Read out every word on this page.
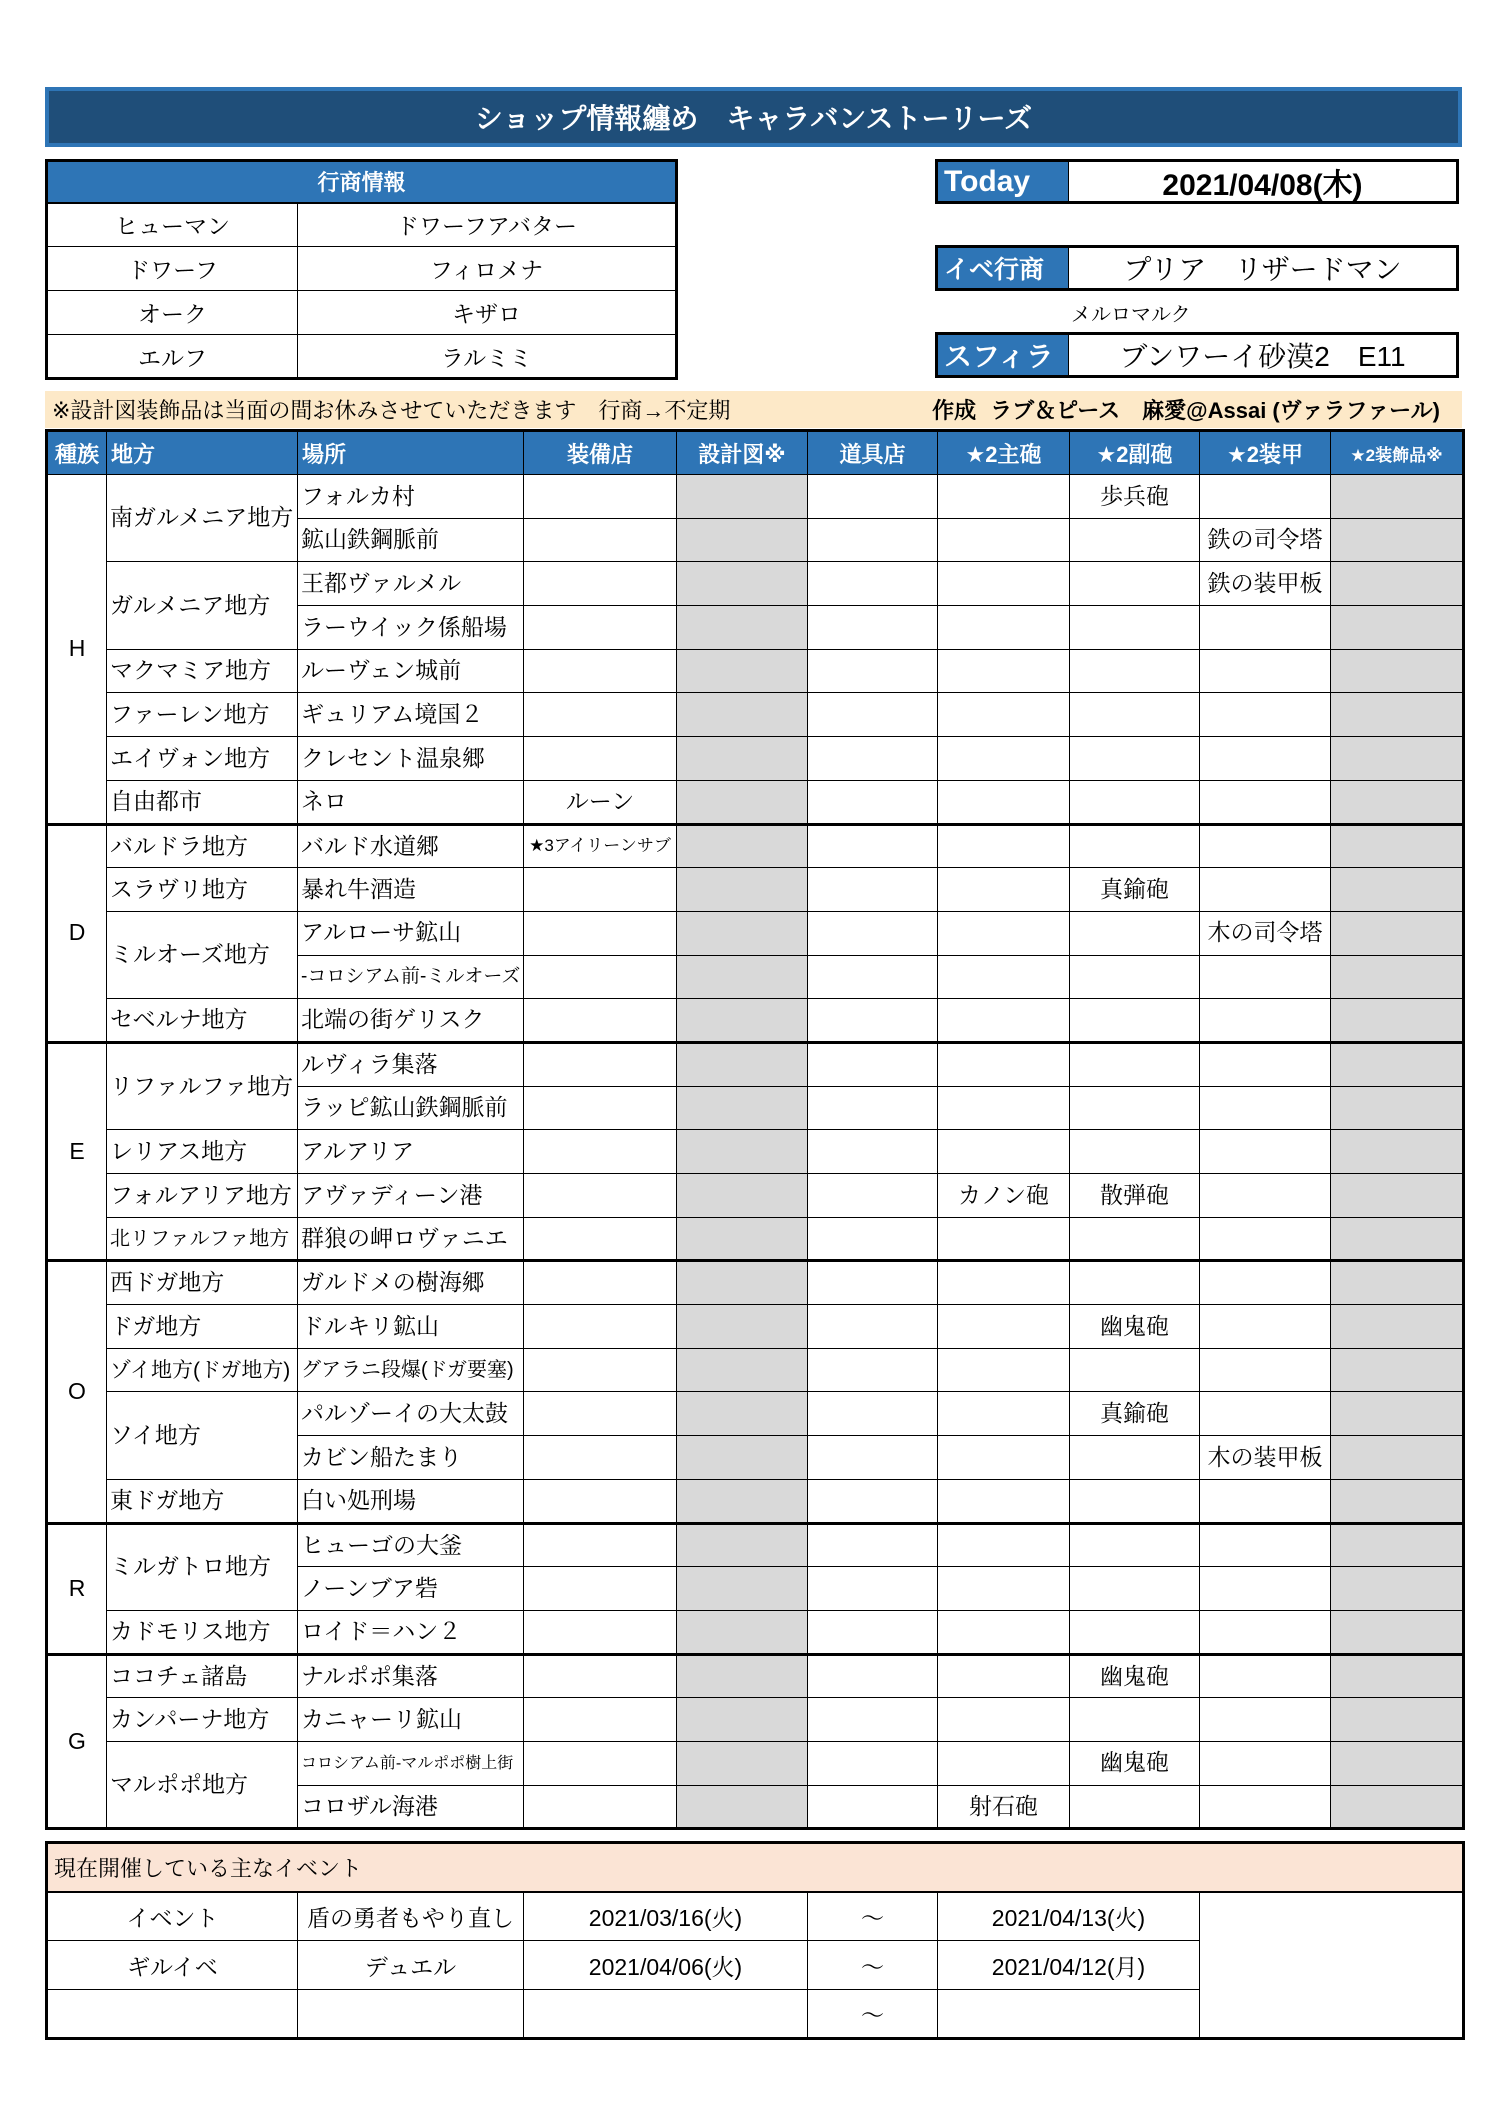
ショップ情報纏め　キャラバンストーリーズ
行商情報	
ヒューマン	ドワーフアバター
ドワーフ	フィロメナ
オーク	キザロ
エルフ	ラルミミ
Today	2021/04/08(木)
イベ行商	プリア　リザードマン
メルロマルク
スフィラ	ブンワーイ砂漠2　E11
※設計図装飾品は当面の間お休みさせていただきます　行商→不定期	作成 ラブ＆ピース　麻愛@Assai (ヴァラファール)
種族	地方	場所	装備店	設計図※	道具店	★2主砲	★2副砲	★2装甲	★2装飾品※

H	南ガルメニア地方	フォルカ村					歩兵砲		

		鉱山鉄鋼脈前						鉄の司令塔	

	ガルメニア地方	王都ヴァルメル						鉄の装甲板	

		ラーウイック係船場							

	マクマミア地方	ルーヴェン城前							

	ファーレン地方	ギュリアム境国２							

	エイヴォン地方	クレセント温泉郷							

	自由都市	ネロ	ルーン						

D	バルドラ地方	バルド水道郷	★3アイリーンサブ						

	スラヴリ地方	暴れ牛酒造					真鍮砲		

	ミルオーズ地方	アルローサ鉱山						木の司令塔	

		-コロシアム前-ミルオーズ							

	セベルナ地方	北端の街ゲリスク							

E	リファルファ地方	ルヴィラ集落							

		ラッピ鉱山鉄鋼脈前							

	レリアス地方	アルアリア							

	フォルアリア地方	アヴァディーン港				カノン砲	散弾砲		

	北リファルファ地方	群狼の岬ロヴァニエ							

O	西ドガ地方	ガルドメの樹海郷							

	ドガ地方	ドルキリ鉱山					幽鬼砲		

	ゾイ地方(ドガ地方)	グアラニ段爆(ドガ要塞)							

	ソイ地方	パルゾーイの大太鼓					真鍮砲		

		カビン船たまり						木の装甲板	

	東ドガ地方	白い処刑場							

R	ミルガトロ地方	ヒューゴの大釜							

		ノーンブア砦							

	カドモリス地方	ロイド＝ハン２							

G	ココチェ諸島	ナルポポ集落					幽鬼砲		

	カンパーナ地方	カニャーリ鉱山							

	マルポポ地方	コロシアム前-マルポポ樹上街					幽鬼砲		

		コロザル海港				射石砲			

現在開催している主なイベント					
イベント	盾の勇者もやり直し	2021/03/16(火)	～	2021/04/13(火)	
ギルイベ	デュエル	2021/04/06(火)	～	2021/04/12(月)	
			～		
